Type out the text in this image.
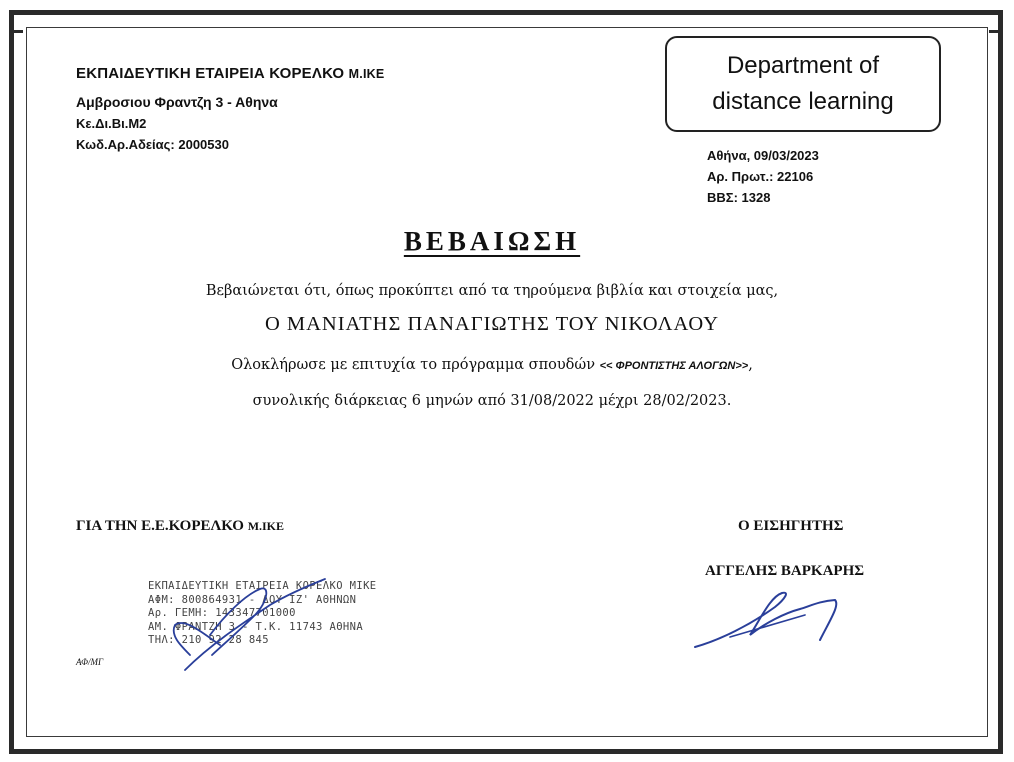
ΕΚΠΑΙΔΕΥΤΙΚΗ ΕΤΑΙΡΕΙΑ ΚΟΡΕΛΚΟ Μ.ΙΚΕ
Αμβροσιου Φραντζη 3 - Αθηνα
Κε.Δι.Βι.Μ2
Κωδ.Αρ.Αδείας: 2000530
Department of
distance learning
Αθήνα, 09/03/2023
Αρ. Πρωτ.: 22106
ΒΒΣ: 1328
ΒΕΒΑΙΩΣΗ
Βεβαιώνεται ότι, όπως προκύπτει από τα τηρούμενα βιβλία και στοιχεία μας,
Ο ΜΑΝΙΑΤΗΣ ΠΑΝΑΓΙΩΤΗΣ ΤΟΥ ΝΙΚΟΛΑΟΥ
Ολοκλήρωσε με επιτυχία το πρόγραμμα σπουδών << ΦΡΟΝΤΙΣΤΗΣ ΑΛΟΓΩΝ>>,
συνολικής διάρκειας 6 μηνών από 31/08/2022 μέχρι 28/02/2023.
ΓΙΑ ΤΗΝ Ε.Ε.ΚΟΡΕΛΚΟ Μ.ΙΚΕ
ΕΚΠΑΙΔΕΥΤΙΚΗ ΕΤΑΙΡΕΙΑ ΚΟΡΕΛΚΟ ΜΙΚΕ
ΑΦΜ: 800864931 - ΔΟΥ ΙΖ' ΑΘΗΝΩΝ
Αρ. ΓΕΜΗ: 143347701000
ΑΜ. ΦΡΑΝΤΖΗ 3 - Τ.Κ. 11743 ΑΘΗΝΑ
ΤΗΛ: 210 92 28 845
ΑΦ/ΜΓ
Ο ΕΙΣΗΓΗΤΗΣ
ΑΓΓΕΛΗΣ ΒΑΡΚΑΡΗΣ
